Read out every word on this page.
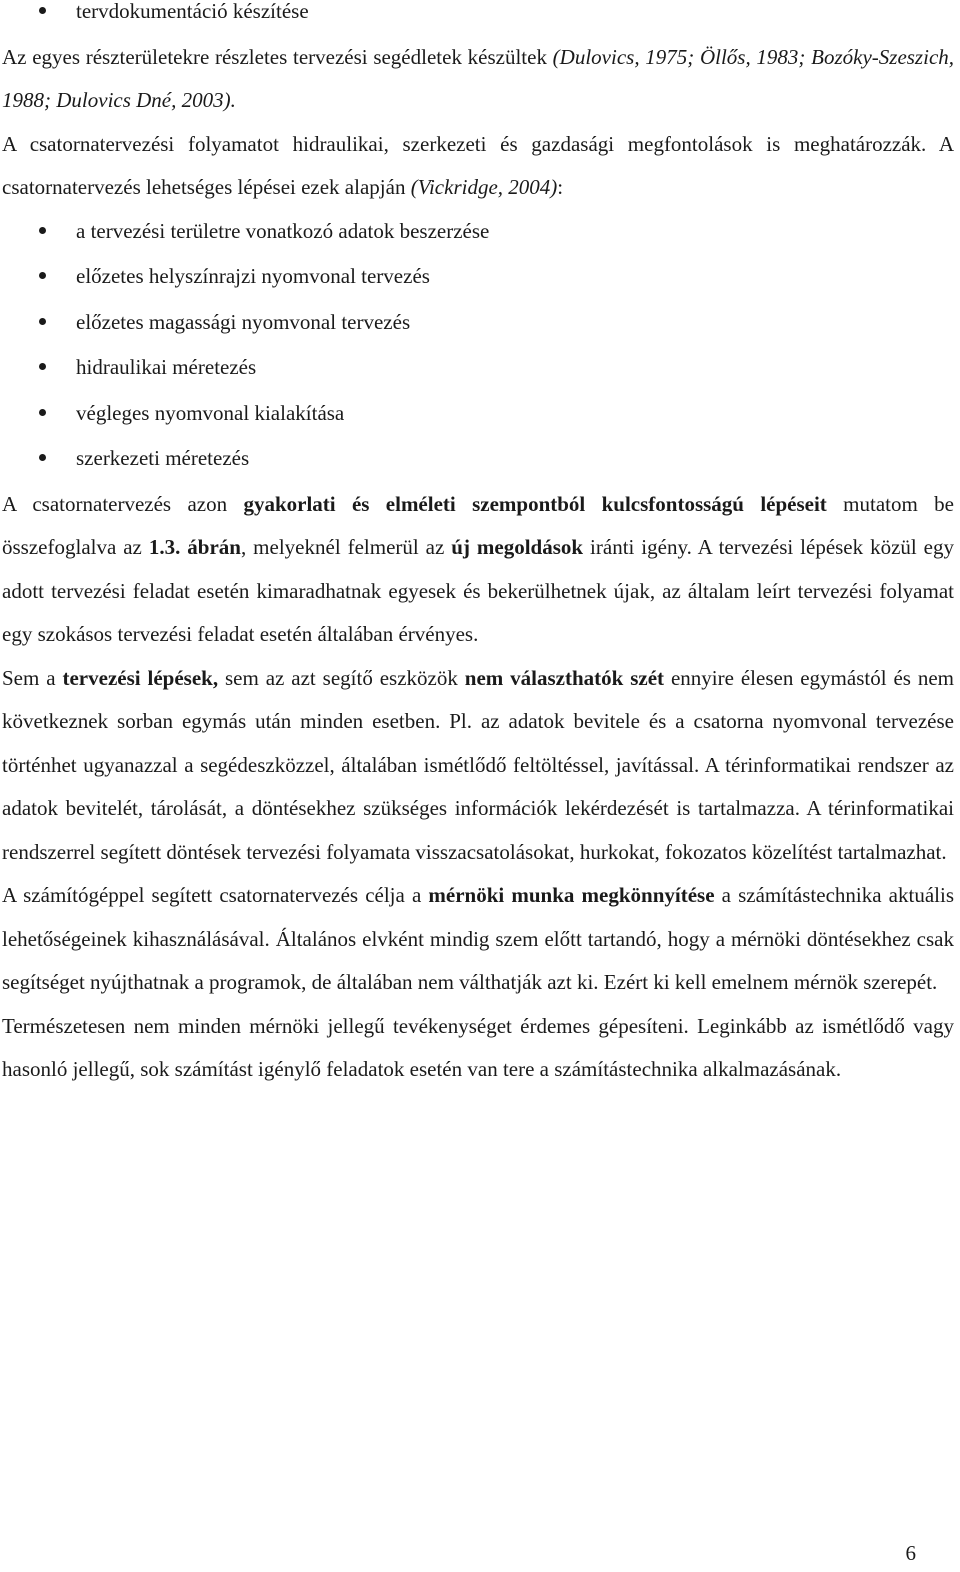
tervdokumentáció készítése

Az egyes részterületekre részletes tervezési segédletek készültek (Dulovics, 1975; Öllős, 1983; Bozóky-Szeszich, 1988; Dulovics Dné, 2003).

A csatornatervezési folyamatot hidraulikai, szerkezeti és gazdasági megfontolások is meghatározzák. A csatornatervezés lehetséges lépései ezek alapján (Vickridge, 2004):

a tervezési területre vonatkozó adatok beszerzése
előzetes helyszínrajzi nyomvonal tervezés
előzetes magassági nyomvonal tervezés
hidraulikai méretezés
végleges nyomvonal kialakítása
szerkezeti méretezés

A csatornatervezés azon gyakorlati és elméleti szempontból kulcsfontosságú lépéseit mutatom be összefoglalva az 1.3. ábrán, melyeknél felmerül az új megoldások iránti igény. A tervezési lépések közül egy adott tervezési feladat esetén kimaradhatnak egyesek és bekerülhetnek újak, az általam leírt tervezési folyamat egy szokásos tervezési feladat esetén általában érvényes.

Sem a tervezési lépések, sem az azt segítő eszközök nem választhatók szét ennyire élesen egymástól és nem következnek sorban egymás után minden esetben. Pl. az adatok bevitele és a csatorna nyomvonal tervezése történhet ugyanazzal a segédeszközzel, általában ismétlődő feltöltéssel, javítással. A térinformatikai rendszer az adatok bevitelét, tárolását, a döntésekhez szükséges információk lekérdezését is tartalmazza. A térinformatikai rendszerrel segített döntések tervezési folyamata visszacsatolásokat, hurkokat, fokozatos közelítést tartalmazhat.

A számítógéppel segített csatornatervezés célja a mérnöki munka megkönnyítése a számítástechnika aktuális lehetőségeinek kihasználásával. Általános elvként mindig szem előtt tartandó, hogy a mérnöki döntésekhez csak segítséget nyújthatnak a programok, de általában nem válthatják azt ki. Ezért ki kell emelnem mérnök szerepét.

Természetesen nem minden mérnöki jellegű tevékenységet érdemes gépesíteni. Leginkább az ismétlődő vagy hasonló jellegű, sok számítást igénylő feladatok esetén van tere a számítástechnika alkalmazásának.

6
